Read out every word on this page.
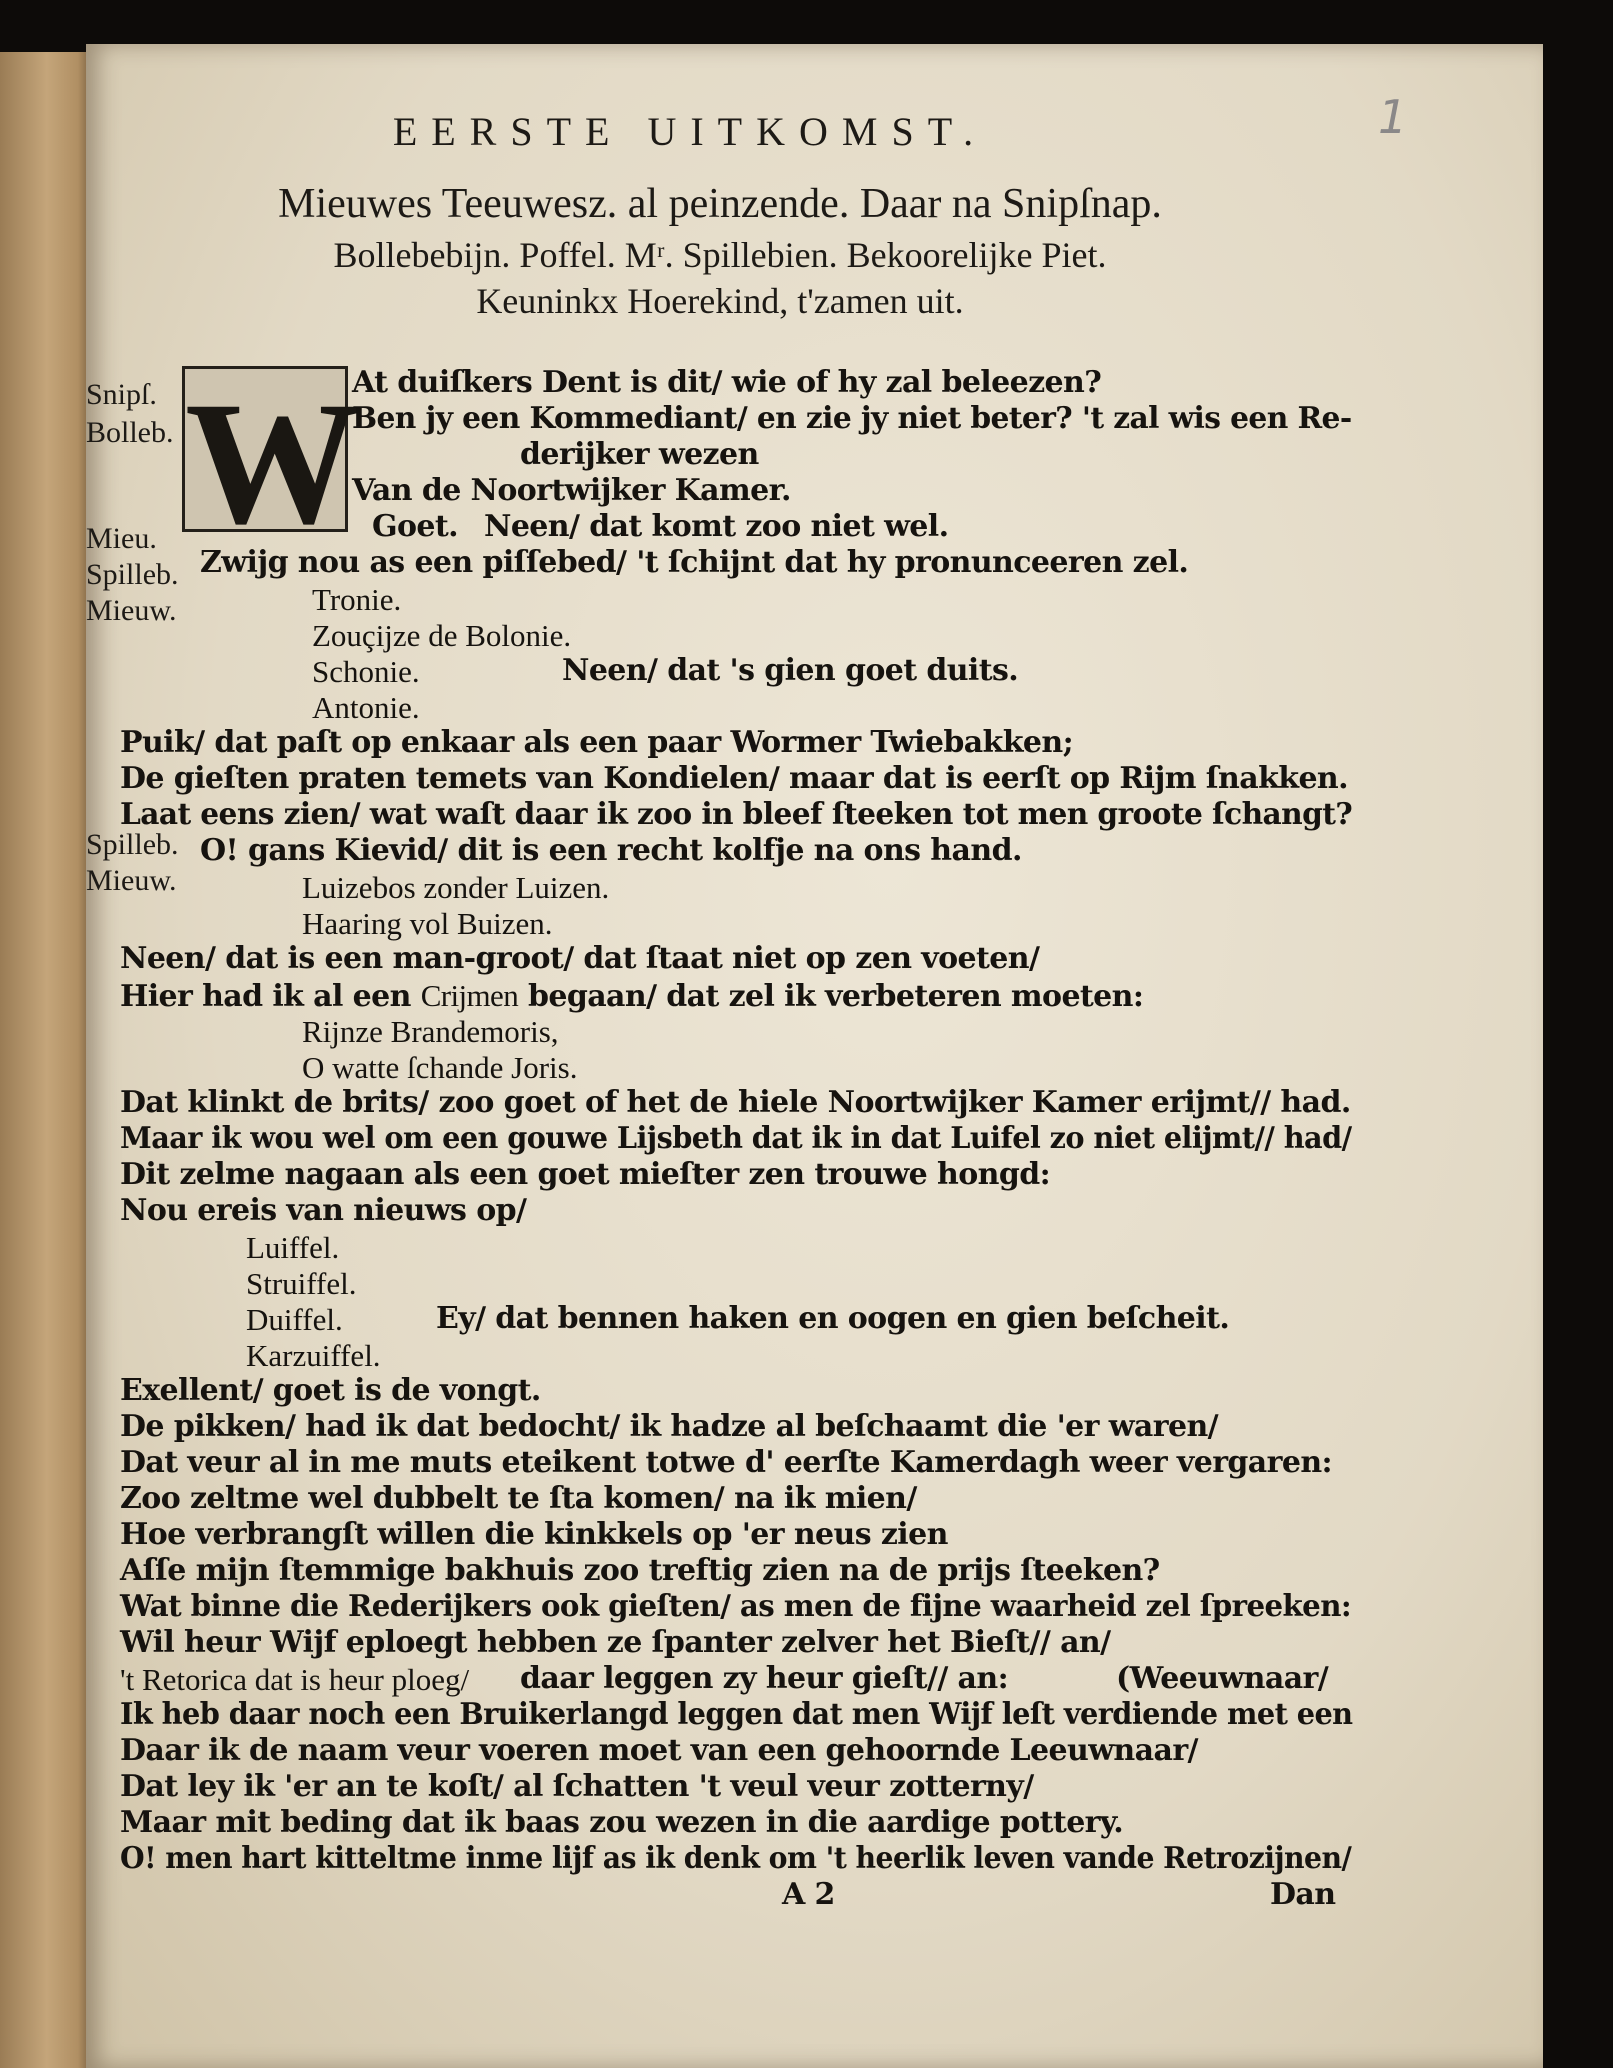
1
EERSTE UITKOMST.
Mieuwes Teeuwesz. al peinzende. Daar na Snipſnap.
Bollebebijn. Poffel. Mʳ. Spillebien. Bekoorelijke Piet.
Keuninkx Hoerekind, t'zamen uit.
W
Snipſ.
Bolleb.
Mieu.
Spilleb.
Mieuw.
Spilleb.
Mieuw.
At duiſkers Dent is dit/ wie of hy zal beleezen?
Ben jy een Kommediant/ en zie jy niet beter? 't zal wis een Re-
derijker wezen
Van de Noortwijker Kamer.
Goet. Neen/ dat komt zoo niet wel.
Zwijg nou as een piſſebed/ 't ſchijnt dat hy pronunceeren zel.
Tronie.
Zouçijze de Bolonie.
Schonie.	Neen/ dat 's gien goet duits.
Antonie.
Puik/ dat paſt op enkaar als een paar Wormer Twiebakken;
De gieſten praten temets van Kondielen/ maar dat is eerſt op Rijm ſnakken.
Laat eens zien/ wat waſt daar ik zoo in bleef ſteeken tot men groote ſchangt?
O! gans Kievid/ dit is een recht kolfje na ons hand.
Luizebos zonder Luizen.
Haaring vol Buizen.
Neen/ dat is een man-groot/ dat ſtaat niet op zen voeten/
Hier had ik al een Crijmen begaan/ dat zel ik verbeteren moeten:
Rijnze Brandemoris,
O watte ſchande Joris.
Dat klinkt de brits/ zoo goet of het de hiele Noortwijker Kamer erijmt// had.
Maar ik wou wel om een gouwe Lijsbeth dat ik in dat Luifel zo niet elijmt// had/
Dit zelme nagaan als een goet mieſter zen trouwe hongd:
Nou ereis van nieuws op/
Luiffel.
Struiffel.
Duiffel.	Ey/ dat bennen haken en oogen en gien beſcheit.
Karzuiffel.
Exellent/ goet is de vongt.
De pikken/ had ik dat bedocht/ ik hadze al beſchaamt die 'er waren/
Dat veur al in me muts eteikent totwe d' eerſte Kamerdagh weer vergaren:
Zoo zeltme wel dubbelt te ſta komen/ na ik mien/
Hoe verbrangſt willen die kinkkels op 'er neus zien
Aſſe mijn ſtemmige bakhuis zoo treftig zien na de prijs ſteeken?
Wat binne die Rederijkers ook gieſten/ as men de fijne waarheid zel ſpreeken:
Wil heur Wijf eploegt hebben ze ſpanter zelver het Bieſt// an/
't Retorica dat is heur ploeg/ daar leggen zy heur gieſt// an:	(Weeuwnaar/
Ik heb daar noch een Bruikerlangd leggen dat men Wijf leſt verdiende met een
Daar ik de naam veur voeren moet van een gehoornde Leeuwnaar/
Dat ley ik 'er an te koſt/ al ſchatten 't veul veur zotterny/
Maar mit beding dat ik baas zou wezen in die aardige pottery.
O! men hart kitteltme inme lijf as ik denk om 't heerlik leven vande Retrozijnen/
A 2	Dan
